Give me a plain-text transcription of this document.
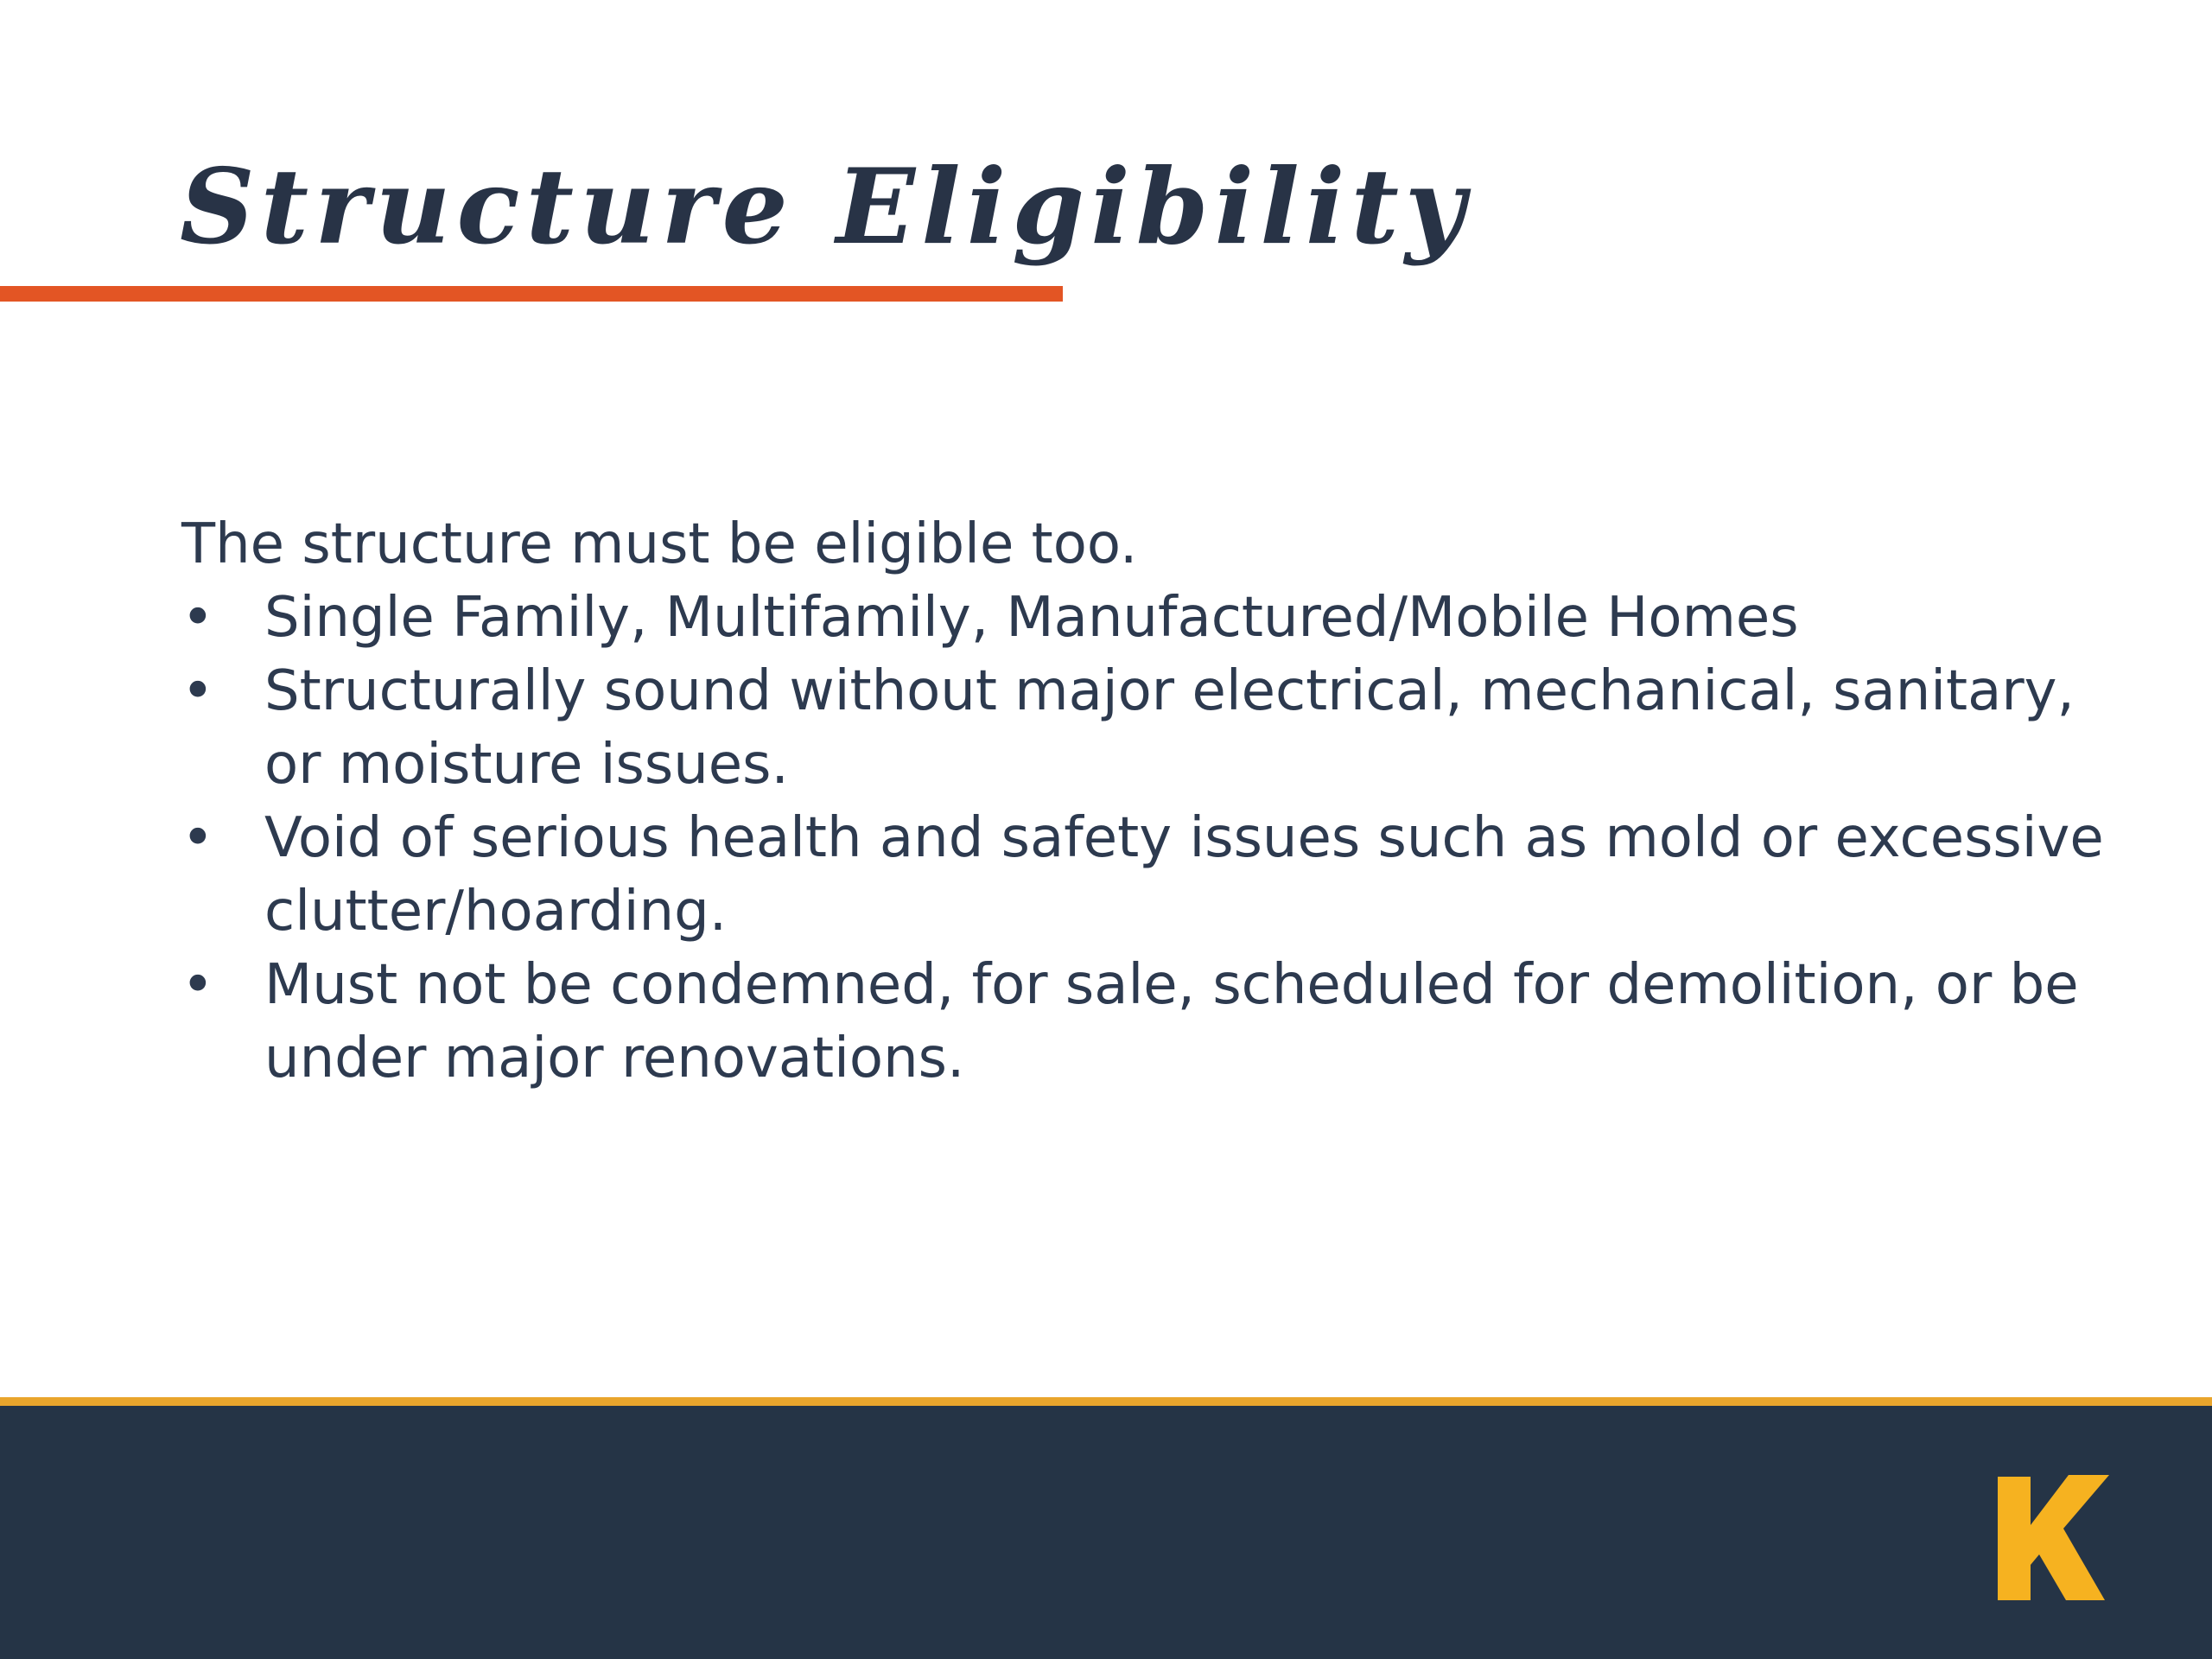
Structure Eligibility

The structure must be eligible too.

• Single Family, Multifamily, Manufactured/Mobile Homes
• Structurally sound without major electrical, mechanical, sanitary, or moisture issues.
• Void of serious health and safety issues such as mold or excessive clutter/hoarding.
• Must not be condemned, for sale, scheduled for demolition, or be under major renovations.
